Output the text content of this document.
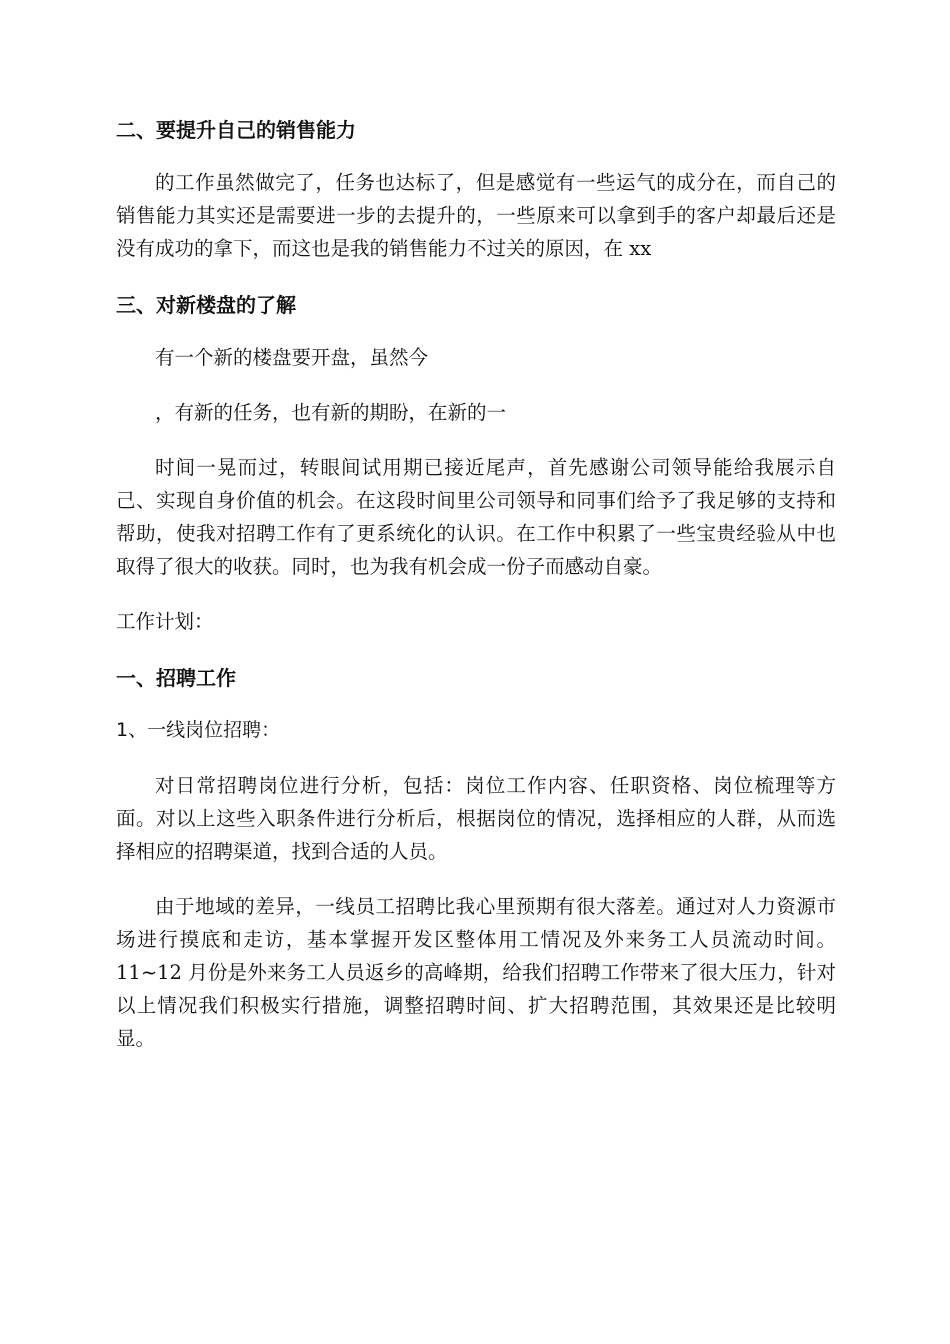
二、要提升自己的销售能力

的工作虽然做完了，任务也达标了，但是感觉有一些运气的成分在，而自己的销售能力其实还是需要进一步的去提升的，一些原来可以拿到手的客户却最后还是没有成功的拿下，而这也是我的销售能力不过关的原因，在 xx

三、对新楼盘的了解

有一个新的楼盘要开盘，虽然今

，有新的任务，也有新的期盼，在新的一

时间一晃而过，转眼间试用期已接近尾声，首先感谢公司领导能给我展示自己、实现自身价值的机会。在这段时间里公司领导和同事们给予了我足够的支持和帮助，使我对招聘工作有了更系统化的认识。在工作中积累了一些宝贵经验从中也取得了很大的收获。同时，也为我有机会成一份子而感动自豪。

工作计划：

一、招聘工作
1、一线岗位招聘：

对日常招聘岗位进行分析，包括：岗位工作内容、任职资格、岗位梳理等方面。对以上这些入职条件进行分析后，根据岗位的情况，选择相应的人群，从而选择相应的招聘渠道，找到合适的人员。

由于地域的差异，一线员工招聘比我心里预期有很大落差。通过对人力资源市场进行摸底和走访，基本掌握开发区整体用工情况及外来务工人员流动时间。11~12 月份是外来务工人员返乡的高峰期，给我们招聘工作带来了很大压力，针对以上情况我们积极实行措施，调整招聘时间、扩大招聘范围，其效果还是比较明显。
